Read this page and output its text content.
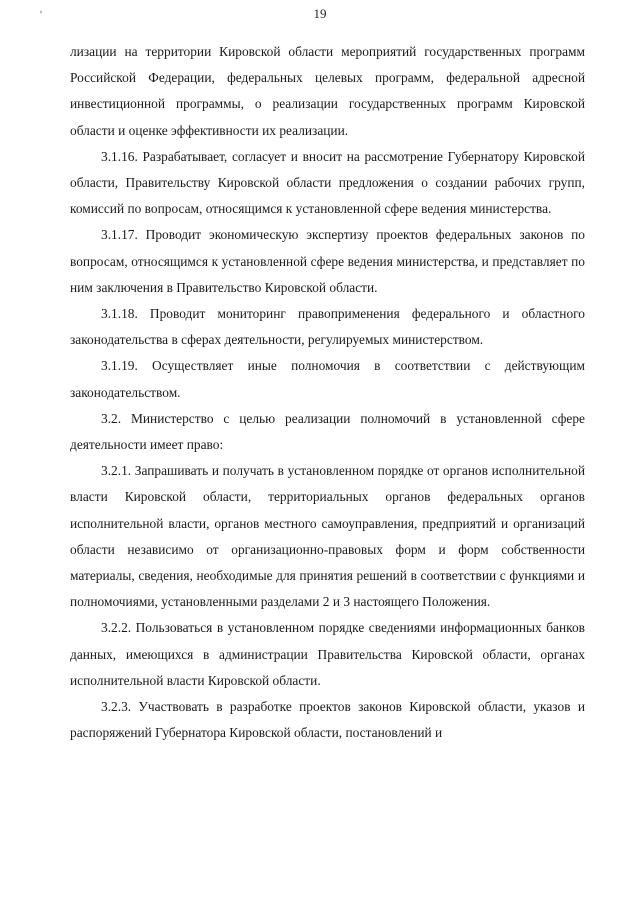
'	19

лизации на территории Кировской области мероприятий государственных программ Российской Федерации, федеральных целевых программ, федеральной адресной инвестиционной программы, о реализации государственных программ Кировской области и оценке эффективности их реализации.

3.1.16. Разрабатывает, согласует и вносит на рассмотрение Губернатору Кировской области, Правительству Кировской области предложения о создании рабочих групп, комиссий по вопросам, относящимся к установленной сфере ведения министерства.

3.1.17. Проводит экономическую экспертизу проектов федеральных законов по вопросам, относящимся к установленной сфере ведения министерства, и представляет по ним заключения в Правительство Кировской области.

3.1.18. Проводит мониторинг правоприменения федерального и областного законодательства в сферах деятельности, регулируемых министерством.

3.1.19. Осуществляет иные полномочия в соответствии с действующим законодательством.

3.2. Министерство с целью реализации полномочий в установленной сфере деятельности имеет право:

3.2.1. Запрашивать и получать в установленном порядке от органов исполнительной власти Кировской области, территориальных органов федеральных органов исполнительной власти, органов местного самоуправления, предприятий и организаций области независимо от организационно-правовых форм и форм собственности материалы, сведения, необходимые для принятия решений в соответствии с функциями и полномочиями, установленными разделами 2 и 3 настоящего Положения.

3.2.2. Пользоваться в установленном порядке сведениями информационных банков данных, имеющихся в администрации Правительства Кировской области, органах исполнительной власти Кировской области.

3.2.3. Участвовать в разработке проектов законов Кировской области, указов и распоряжений Губернатора Кировской области, постановлений и
